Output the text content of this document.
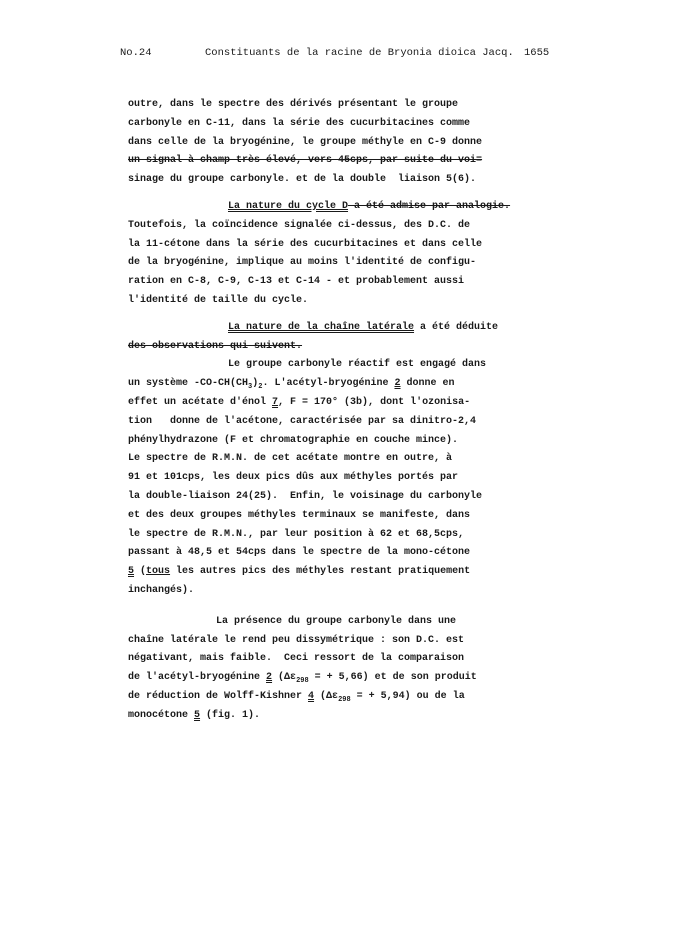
No.24	Constituants de la racine de Bryonia dioica Jacq. 1655
outre, dans le spectre des dérivés présentant le groupe
carbonyle en C-11, dans la série des cucurbitacines comme
dans celle de la bryogénine, le groupe méthyle en C-9 donne
un signal à champ très élevé, vers 45cps, par suite du voi=
sinage du groupe carbonyle. et de la double  liaison 5(6).
La nature du cycle D a été admise par analogie.
Toutefois, la coïncidence signalée ci-dessus, des D.C. de
la 11-cétone dans la série des cucurbitacines et dans celle
de la bryogénine, implique au moins l'identité de configu-
ration en C-8, C-9, C-13 et C-14 - et probablement aussi
l'identité de taille du cycle.
La nature de la chaîne latérale a été déduite
des observations qui suivent.
Le groupe carbonyle réactif est engagé dans
un système $-CO-CH(CH_3)_2$. L'acétyl-bryogénine 2 donne en
effet un acétate d'énol 7, F = 170° (3b), dont l'ozonisa-
tion   donne de l'acétone, caractérisée par sa dinitro-2,4
phénylhydrazone (F et chromatographie en couche mince).
Le spectre de R.M.N. de cet acétate montre en outre, à
91 et 101cps, les deux pics dûs aux méthyles portés par
la double-liaison 24(25).  Enfin, le voisinage du carbonyle
et des deux groupes méthyles terminaux se manifeste, dans
le spectre de R.M.N., par leur position à 62 et 68,5cps,
passant à 48,5 et 54cps dans le spectre de la mono-cétone
5 (tous les autres pics des méthyles restant pratiquement
inchangés).
La présence du groupe carbonyle dans une
chaîne latérale le rend peu dissymétrique : son D.C. est
négativant, mais faible.  Ceci ressort de la comparaison
de l'acétyl-bryogénine 2 ($\Delta\varepsilon_{298}$ = + 5,66) et de son produit
de réduction de Wolff-Kishner 4 ($\Delta\varepsilon_{298}$ = + 5,94) ou de la
monocétone 5 (fig. 1).
